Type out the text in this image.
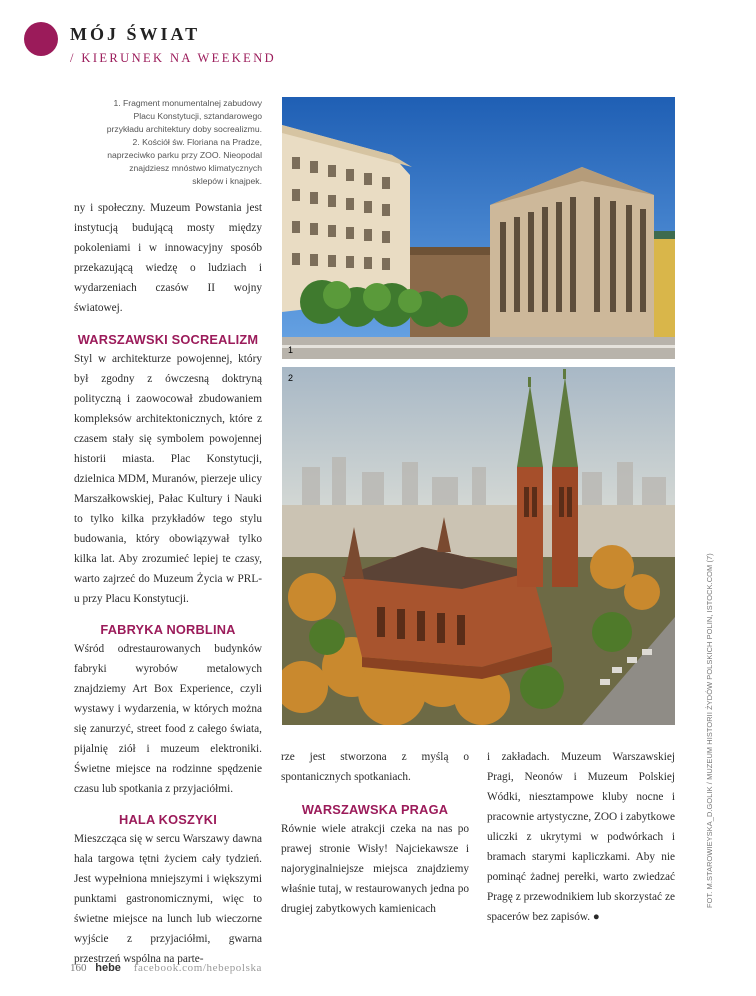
MÓJ ŚWIAT
/ KIERUNEK NA WEEKEND

1. Fragment monumentalnej zabudowy Placu Konstytucji, sztandarowego przykładu architektury doby socrealizmu.

2. Kościół św. Floriana na Pradze, naprzeciwko parku przy ZOO. Nieopodal znajdziesz mnóstwo klimatycznych sklepów i knajpek.

1
2

ny i społeczny. Muzeum Powstania jest instytucją budującą mosty między pokoleniami i w innowacyjny sposób przekazującą wiedzę o ludziach i wydarzeniach czasów II wojny światowej.

WARSZAWSKI SOCREALIZM

Styl w architekturze powojennej, który był zgodny z ówczesną doktryną polityczną i zaowocował zbudowaniem kompleksów architektonicznych, które z czasem stały się symbolem powojennej historii miasta. Plac Konstytucji, dzielnica MDM, Muranów, pierzeje ulicy Marszałkowskiej, Pałac Kultury i Nauki to tylko kilka przykładów tego stylu budowania, który obowiązywał tylko kilka lat. Aby zrozumieć lepiej te czasy, warto zajrzeć do Muzeum Życia w PRL-u przy Placu Konstytucji.

FABRYKA NORBLINA

Wśród odrestaurowanych budynków fabryki wyrobów metalowych znajdziemy Art Box Experience, czyli wystawy i wydarzenia, w których można się zanurzyć, street food z całego świata, pijalnię ziół i muzeum elektroniki. Świetne miejsce na rodzinne spędzenie czasu lub spotkania z przyjaciółmi.

HALA KOSZYKI

Mieszcząca się w sercu Warszawy dawna hala targowa tętni życiem cały tydzień. Jest wypełniona mniejszymi i większymi punktami gastronomicznymi, więc to świetne miejsce na lunch lub wieczorne wyjście z przyjaciółmi, gwarna przestrzeń wspólna na parte-

rze jest stworzona z myślą o spontanicznych spotkaniach.

WARSZAWSKA PRAGA

Równie wiele atrakcji czeka na nas po prawej stronie Wisły! Najciekawsze i najoryginalniejsze miejsca znajdziemy właśnie tutaj, w restaurowanych jedna po drugiej zabytkowych kamienicach

i zakładach. Muzeum Warszawskiej Pragi, Neonów i Muzeum Polskiej Wódki, niesztampowe kluby nocne i pracownie artystyczne, ZOO i zabytkowe uliczki z ukrytymi w podwórkach i bramach starymi kapliczkami. Aby nie pominąć żadnej perełki, warto zwiedzać Pragę z przewodnikiem lub skorzystać ze spacerów bez zapisów. ●

FOT. M.STAROWIEYSKA_D.GOLIK / MUZEUM HISTORII ŻYDÓW POLSKICH POLIN, ISTOCK.COM (7)
160 hebe facebook.com/hebepolska
